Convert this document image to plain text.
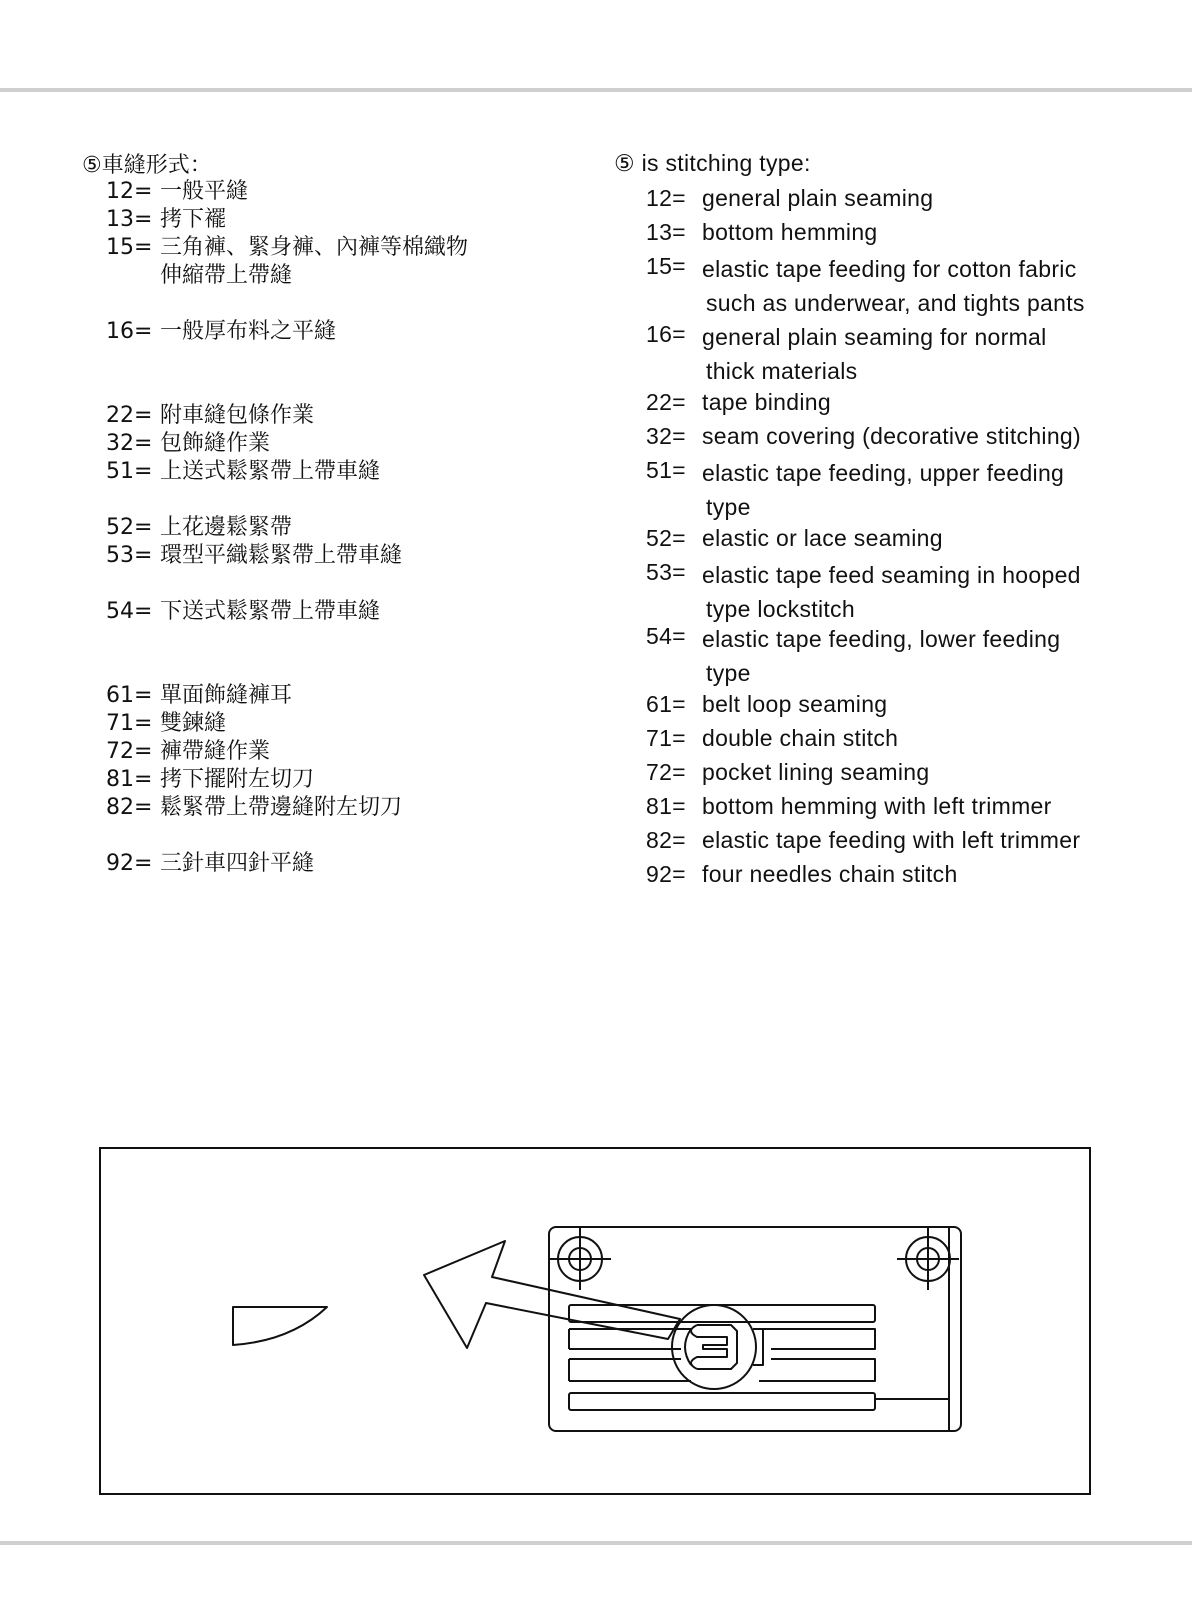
⑤車縫形式：
12= 一般平縫
13= 拷下襬
15= 三角褲、緊身褲、內褲等棉織物
伸縮帶上帶縫
16= 一般厚布料之平縫
22= 附車縫包條作業
32= 包飾縫作業
51= 上送式鬆緊帶上帶車縫
52= 上花邊鬆緊帶
53= 環型平織鬆緊帶上帶車縫
54= 下送式鬆緊帶上帶車縫
61= 單面飾縫褲耳
71= 雙鍊縫
72= 褲帶縫作業
81= 拷下擺附左切刀
82= 鬆緊帶上帶邊縫附左切刀
92= 三針車四針平縫
⑤ is stitching type:
12= general plain seaming
13= bottom hemming
15= elastic tape feeding for cotton fabric
such as underwear, and tights pants
16= general plain seaming for normal
thick materials
22= tape binding
32= seam covering (decorative stitching)
51= elastic tape feeding, upper feeding
type
52= elastic or lace seaming
53= elastic tape feed seaming in hooped
type lockstitch
54= elastic tape feeding, lower feeding
type
61= belt loop seaming
71= double chain stitch
72= pocket lining seaming
81= bottom hemming with left trimmer
82= elastic tape feeding with left trimmer
92= four needles chain stitch
